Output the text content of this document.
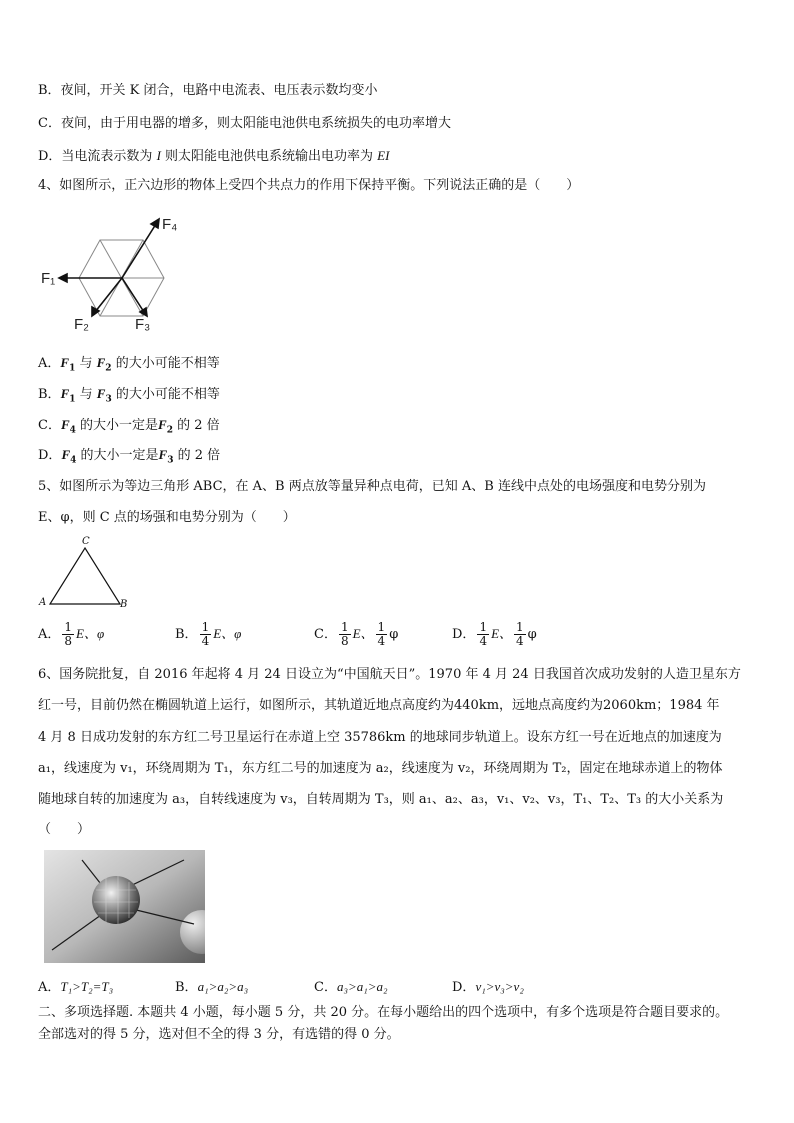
B．夜间，开关 K 闭合，电路中电流表、电压表示数均变小
C．夜间，由于用电器的增多，则太阳能电池供电系统损失的电功率增大
D．当电流表示数为 I 则太阳能电池供电系统输出电功率为 EI
4、如图所示，正六边形的物体上受四个共点力的作用下保持平衡。下列说法正确的是（　　）
F₁
F₂	F₃
F₄
A．$F_1$ 与 $F_2$ 的大小可能不相等
B．$F_1$ 与 $F_3$ 的大小可能不相等
C．$F_4$ 的大小一定是$F_2$ 的 2 倍
D．$F_4$ 的大小一定是$F_3$ 的 2 倍
5、如图所示为等边三角形 ABC，在 A、B 两点放等量异种点电荷，已知 A、B 连线中点处的电场强度和电势分别为
E、φ，则 C 点的场强和电势分别为（　　）
C
A	B
A． $\frac{1}{8}$ E、φ	B． $\frac{1}{4}$ E、φ	C． $\frac{1}{8}$ E、 $\frac{1}{4}$ φ	D． $\frac{1}{4}$ E、 $\frac{1}{4}$ φ
6、国务院批复，自 2016 年起将 4 月 24 日设立为“中国航天日”。1970 年 4 月 24 日我国首次成功发射的人造卫星东方
红一号，目前仍然在椭圆轨道上运行，如图所示，其轨道近地点高度约为440km，远地点高度约为2060km；1984 年
4 月 8 日成功发射的东方红二号卫星运行在赤道上空 35786km 的地球同步轨道上。设东方红一号在近地点的加速度为
a₁，线速度为 v₁，环绕周期为 T₁，东方红二号的加速度为 a₂，线速度为 v₂，环绕周期为 T₂，固定在地球赤道上的物体
随地球自转的加速度为 a₃，自转线速度为 v₃，自转周期为 T₃，则 a₁、a₂、a₃，v₁、v₂、v₃，T₁、T₂、T₃ 的大小关系为
（　　）
A．T₁>T₂=T₃	B．a₁>a₂>a₃	C．a₃>a₁>a₂	D．v₁>v₃>v₂
二、多项选择题. 本题共 4 小题，每小题 5 分，共 20 分。在每小题给出的四个选项中，有多个选项是符合题目要求的。
全部选对的得 5 分，选对但不全的得 3 分，有选错的得 0 分。
